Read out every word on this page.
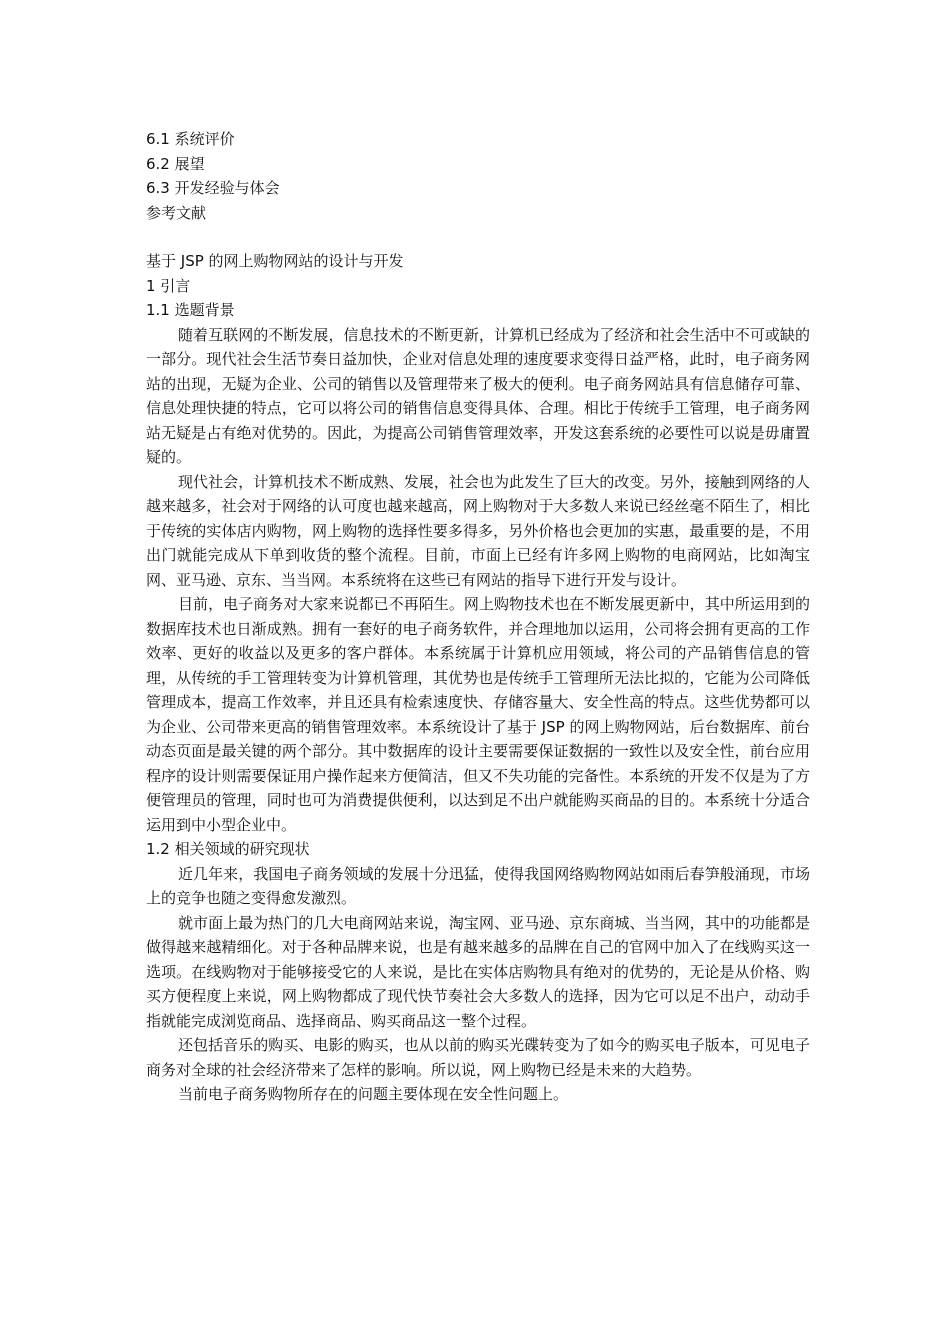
6.1 系统评价
6.2 展望
6.3 开发经验与体会
参考文献
基于 JSP 的网上购物网站的设计与开发
1 引言
1.1 选题背景

随着互联网的不断发展，信息技术的不断更新，计算机已经成为了经济和社会生活中不可或缺的一部分。现代社会生活节奏日益加快，企业对信息处理的速度要求变得日益严格，此时，电子商务网站的出现，无疑为企业、公司的销售以及管理带来了极大的便利。电子商务网站具有信息储存可靠、信息处理快捷的特点，它可以将公司的销售信息变得具体、合理。相比于传统手工管理，电子商务网站无疑是占有绝对优势的。因此，为提高公司销售管理效率，开发这套系统的必要性可以说是毋庸置疑的。

现代社会，计算机技术不断成熟、发展，社会也为此发生了巨大的改变。另外，接触到网络的人越来越多，社会对于网络的认可度也越来越高，网上购物对于大多数人来说已经丝毫不陌生了，相比于传统的实体店内购物，网上购物的选择性要多得多，另外价格也会更加的实惠，最重要的是，不用出门就能完成从下单到收货的整个流程。目前，市面上已经有许多网上购物的电商网站，比如淘宝网、亚马逊、京东、当当网。本系统将在这些已有网站的指导下进行开发与设计。

目前，电子商务对大家来说都已不再陌生。网上购物技术也在不断发展更新中，其中所运用到的数据库技术也日渐成熟。拥有一套好的电子商务软件，并合理地加以运用，公司将会拥有更高的工作效率、更好的收益以及更多的客户群体。本系统属于计算机应用领域，将公司的产品销售信息的管理，从传统的手工管理转变为计算机管理，其优势也是传统手工管理所无法比拟的，它能为公司降低管理成本，提高工作效率，并且还具有检索速度快、存储容量大、安全性高的特点。这些优势都可以为企业、公司带来更高的销售管理效率。本系统设计了基于 JSP 的网上购物网站，后台数据库、前台动态页面是最关键的两个部分。其中数据库的设计主要需要保证数据的一致性以及安全性，前台应用程序的设计则需要保证用户操作起来方便简洁，但又不失功能的完备性。本系统的开发不仅是为了方便管理员的管理，同时也可为消费提供便利，以达到足不出户就能购买商品的目的。本系统十分适合运用到中小型企业中。

1.2 相关领域的研究现状

近几年来，我国电子商务领域的发展十分迅猛，使得我国网络购物网站如雨后春笋般涌现，市场上的竞争也随之变得愈发激烈。

就市面上最为热门的几大电商网站来说，淘宝网、亚马逊、京东商城、当当网，其中的功能都是做得越来越精细化。对于各种品牌来说，也是有越来越多的品牌在自己的官网中加入了在线购买这一选项。在线购物对于能够接受它的人来说，是比在实体店购物具有绝对的优势的，无论是从价格、购买方便程度上来说，网上购物都成了现代快节奏社会大多数人的选择，因为它可以足不出户，动动手指就能完成浏览商品、选择商品、购买商品这一整个过程。

还包括音乐的购买、电影的购买，也从以前的购买光碟转变为了如今的购买电子版本，可见电子商务对全球的社会经济带来了怎样的影响。所以说，网上购物已经是未来的大趋势。

当前电子商务购物所存在的问题主要体现在安全性问题上。
